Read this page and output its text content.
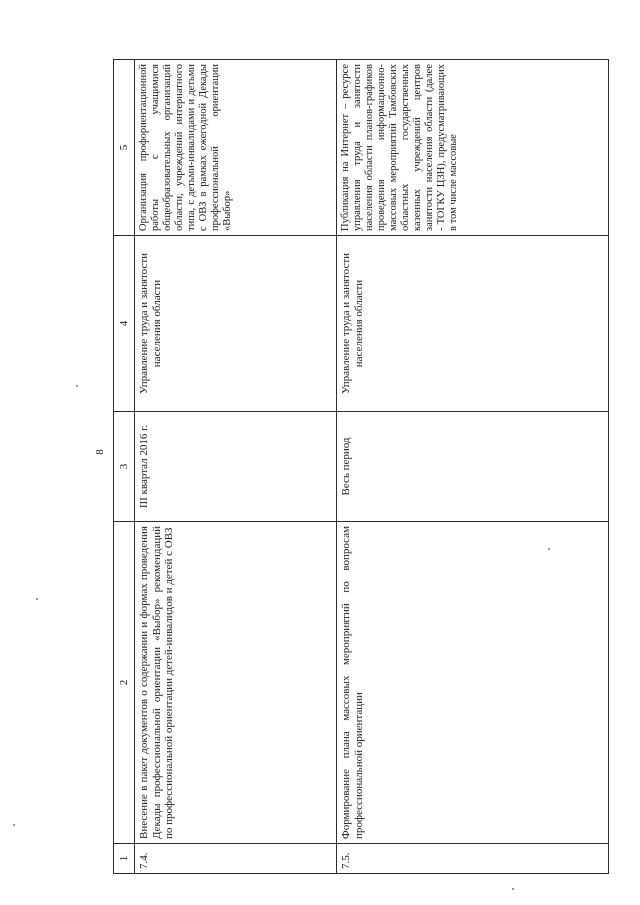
8
1	2	3	4	5
7.4.	Внесение в пакет документов о содержании и формах проведения Декады профессиональной ориентации «Выбор» рекомендаций по профессиональной ориентации детей-инвалидов и детей с ОВЗ	III квартал 2016 г.	Управление труда и занятости населения области	Организация профориентационной работы с учащимися общеобразовательных организаций области, учреждений интернатного типа, с детьми-инвалидами и детьми с ОВЗ в рамках ежегодной Декады профессиональной ориентации «Выбор»
7.5.	Формирование плана массовых мероприятий по вопросам профессиональной ориентации	Весь период	Управление труда и занятости населения области	Публикация на Интернет – ресурсе управления труда и занятости населения области планов-графиков проведения информационно-массовых мероприятий Тамбовских областных государственных казенных учреждений центров занятости населения области (далее - ТОГКУ ЦЗН), предусматривающих в том числе массовые
